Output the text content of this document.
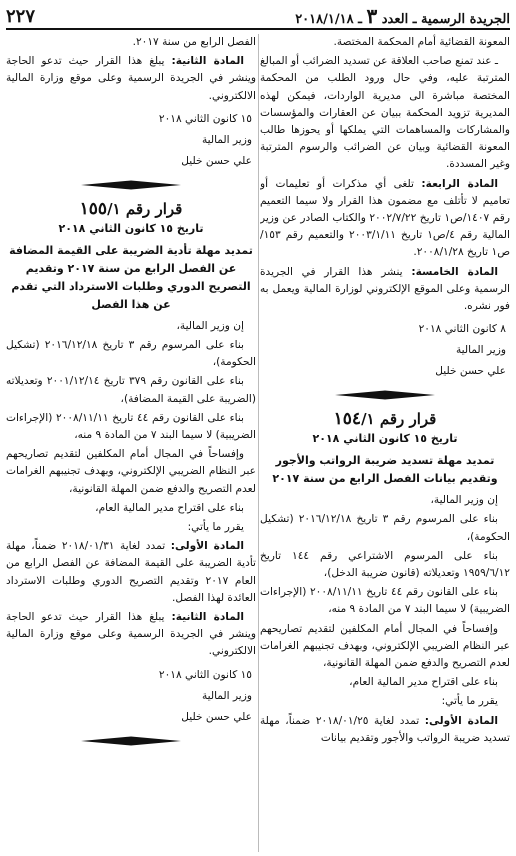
الجريدة الرسمية ـ العدد ٣ ـ ٢٠١٨/١/١٨
٢٢٧

المعونة القضائية أمام المحكمة المختصة.

ـ عند تمنع صاحب العلاقة عن تسديد الضرائب أو المبالغ المترتبة عليه، وفي حال ورود الطلب من المحكمة المختصة مباشرة الى مديرية الواردات، فيمكن لهذه المديرية تزويد المحكمة ببيان عن العقارات والمؤسسات والمشاركات والمساهمات التي يملكها أو يحوزها طالب المعونة القضائية وبيان عن الضرائب والرسوم المترتبة وغير المسددة.

المادة الرابعة: تلغى أي مذكرات أو تعليمات أو تعاميم لا تأتلف مع مضمون هذا القرار ولا سيما التعميم رقم ١٤٠٧/ص١ تاريخ ٢٠٠٢/٧/٢٢ والكتاب الصادر عن وزير المالية رقم ٤/ص١ تاريخ ٢٠٠٣/١/١١ والتعميم رقم ١٥٣/ص١ تاريخ ٢٠٠٨/١/٢٨.

المادة الخامسة: ينشر هذا القرار في الجريدة الرسمية وعلى الموقع الإلكتروني لوزارة المالية ويعمل به فور نشره.

٨ كانون الثاني ٢٠١٨
وزير المالية
علي حسن خليل

قرار رقم ١٥٤/١

تاريخ ١٥ كانون الثاني ٢٠١٨

تمديد مهلة تسديد ضريبة الرواتب والأجور وتقديم بيانات الفصل الرابع من سنة ٢٠١٧

إن وزير المالية،

بناء على المرسوم رقم ٣ تاريخ ٢٠١٦/١٢/١٨ (تشكيل الحكومة)،

بناء على المرسوم الاشتراعي رقم ١٤٤ تاريخ ١٩٥٩/٦/١٢ وتعديلاته (قانون ضريبة الدخل)،

بناء على القانون رقم ٤٤ تاريخ ٢٠٠٨/١١/١١ (الإجراءات الضريبية) لا سيما البند ٧ من المادة ٩ منه،

وإفساحاً في المجال أمام المكلفين لتقديم تصاريحهم عبر النظام الضريبي الإلكتروني، وبهدف تجنيبهم الغرامات لعدم التصريح والدفع ضمن المهلة القانونية،

بناء على اقتراح مدير المالية العام،

يقرر ما يأتي:

المادة الأولى: تمدد لغاية ٢٠١٨/٠١/٢٥ ضمناً، مهلة تسديد ضريبة الرواتب والأجور وتقديم بيانات

الفصل الرابع من سنة ٢٠١٧.

المادة الثانية: يبلغ هذا القرار حيث تدعو الحاجة وينشر في الجريدة الرسمية وعلى موقع وزارة المالية الالكتروني.

١٥ كانون الثاني ٢٠١٨
وزير المالية
علي حسن خليل

قرار رقم ١٥٥/١

تاريخ ١٥ كانون الثاني ٢٠١٨

تمديد مهلة تأدية الضريبة على القيمة المضافة عن الفصل الرابع من سنة ٢٠١٧ وتقديم التصريح الدوري وطلبات الاسترداد التي تقدم عن هذا الفصل

إن وزير المالية،

بناء على المرسوم رقم ٣ تاريخ ٢٠١٦/١٢/١٨ (تشكيل الحكومة)،

بناء على القانون رقم ٣٧٩ تاريخ ٢٠٠١/١٢/١٤ وتعديلاته (الضريبة على القيمة المضافة)،

بناء على القانون رقم ٤٤ تاريخ ٢٠٠٨/١١/١١ (الإجراءات الضريبية) لا سيما البند ٧ من المادة ٩ منه،

وإفساحاً في المجال أمام المكلفين لتقديم تصاريحهم عبر النظام الضريبي الإلكتروني، وبهدف تجنيبهم الغرامات لعدم التصريح والدفع ضمن المهلة القانونية،

بناء على اقتراح مدير المالية العام،

يقرر ما يأتي:

المادة الأولى: تمدد لغاية ٢٠١٨/٠١/٣١ ضمناً، مهلة تأدية الضريبة على القيمة المضافة عن الفصل الرابع من العام ٢٠١٧ وتقديم التصريح الدوري وطلبات الاسترداد العائدة لهذا الفصل.

المادة الثانية: يبلغ هذا القرار حيث تدعو الحاجة وينشر في الجريدة الرسمية وعلى موقع وزارة المالية الالكتروني.

١٥ كانون الثاني ٢٠١٨
وزير المالية
علي حسن خليل
